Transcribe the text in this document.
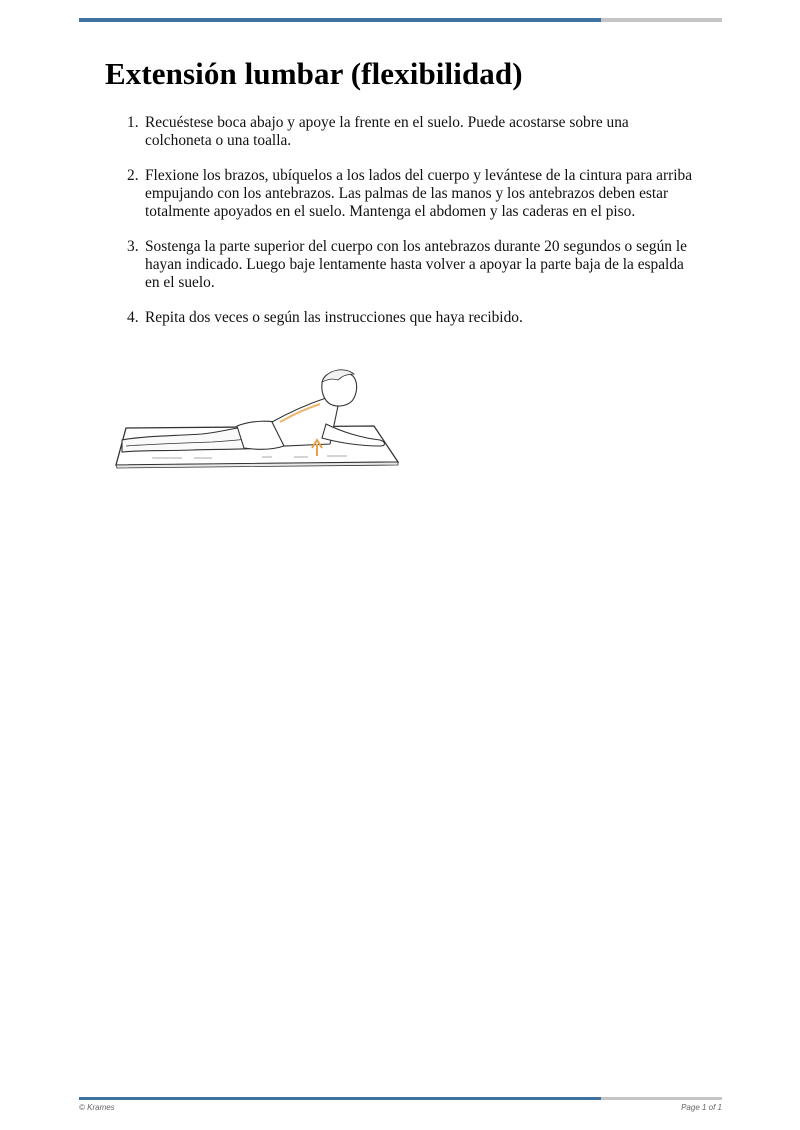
Extensión lumbar (flexibilidad)
1. Recuéstese boca abajo y apoye la frente en el suelo. Puede acostarse sobre una colchoneta o una toalla.
2. Flexione los brazos, ubíquelos a los lados del cuerpo y levántese de la cintura para arriba empujando con los antebrazos. Las palmas de las manos y los antebrazos deben estar totalmente apoyados en el suelo. Mantenga el abdomen y las caderas en el piso.
3. Sostenga la parte superior del cuerpo con los antebrazos durante 20 segundos o según le hayan indicado. Luego baje lentamente hasta volver a apoyar la parte baja de la espalda en el suelo.
4. Repita dos veces o según las instrucciones que haya recibido.
© Krames	Page 1 of 1
